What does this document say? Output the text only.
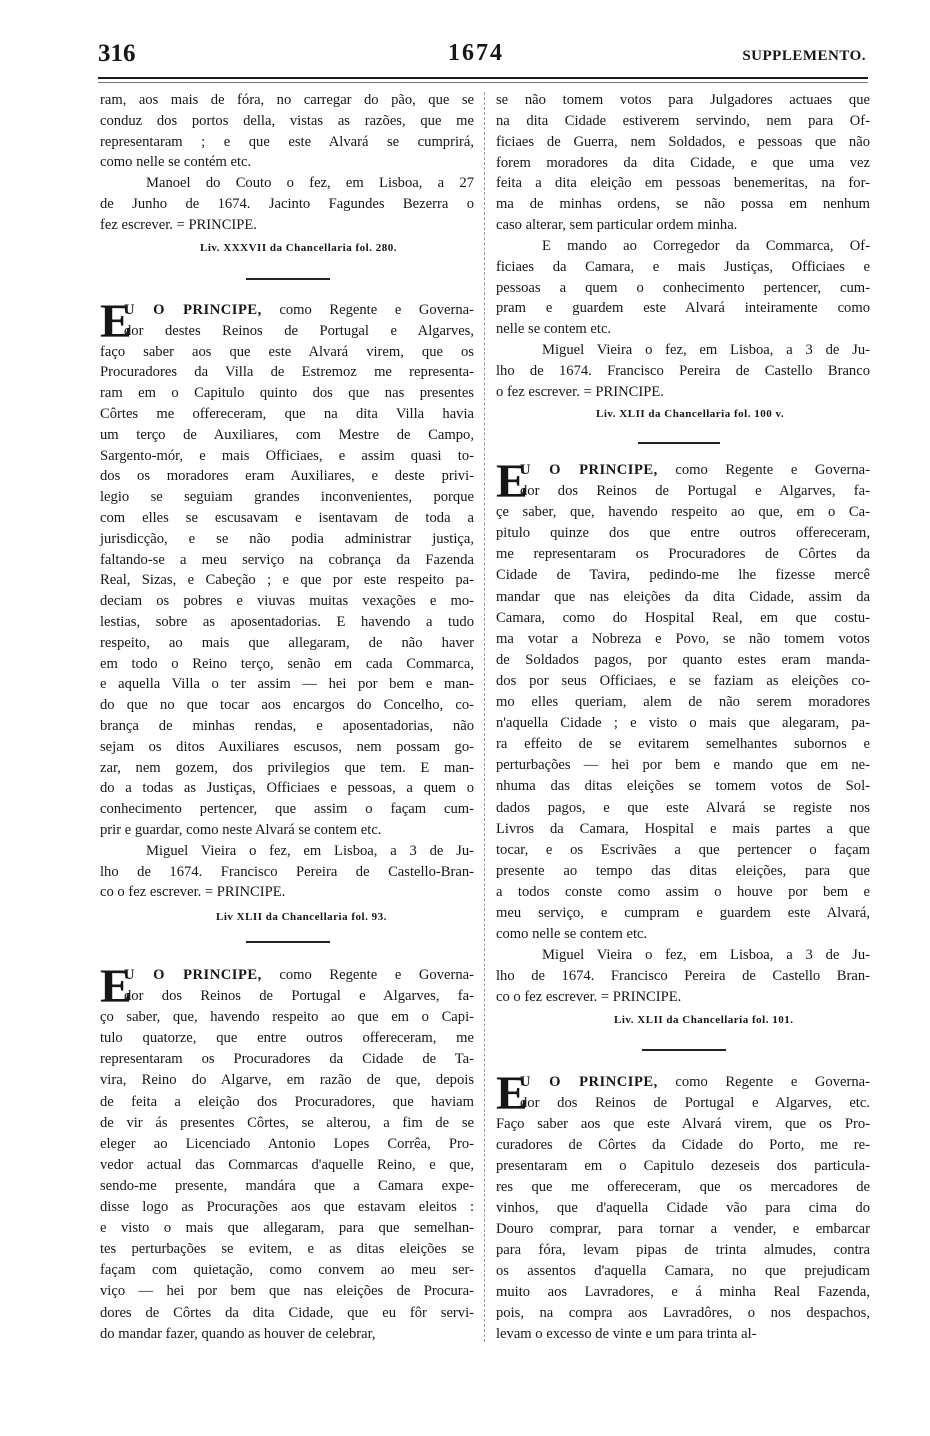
316	1674	SUPPLEMENTO.
ram, aos mais de fóra, no carregar do pão, que se
conduz dos portos della, vistas as razões, que me
representaram ; e que este Alvará se cumprirá,
como nelle se contém etc.
Manoel do Couto o fez, em Lisboa, a 27
de Junho de 1674. Jacinto Fagundes Bezerra o
fez escrever. = PRINCIPE.
Liv. XXXVII da Chancellaria fol. 280.
E
U O PRINCIPE, como Regente e Governa-
dor destes Reinos de Portugal e Algarves,
faço saber aos que este Alvará virem, que os
Procuradores da Villa de Estremoz me representa-
ram em o Capitulo quinto dos que nas presentes
Côrtes me offereceram, que na dita Villa havia
um terço de Auxiliares, com Mestre de Campo,
Sargento-mór, e mais Officiaes, e assim quasi to-
dos os moradores eram Auxiliares, e deste privi-
legio se seguiam grandes inconvenientes, porque
com elles se escusavam e isentavam de toda a
jurisdicção, e se não podia administrar justiça,
faltando-se a meu serviço na cobrança da Fazenda
Real, Sizas, e Cabeção ; e que por este respeito pa-
deciam os pobres e viuvas muitas vexações e mo-
lestias, sobre as aposentadorias. E havendo a tudo
respeito, ao mais que allegaram, de não haver
em todo o Reino terço, senão em cada Commarca,
e aquella Villa o ter assim — hei por bem e man-
do que no que tocar aos encargos do Concelho, co-
brança de minhas rendas, e aposentadorias, não
sejam os ditos Auxiliares escusos, nem possam go-
zar, nem gozem, dos privilegios que tem. E man-
do a todas as Justiças, Officiaes e pessoas, a quem o
conhecimento pertencer, que assim o façam cum-
prir e guardar, como neste Alvará se contem etc.
Miguel Vieira o fez, em Lisboa, a 3 de Ju-
lho de 1674. Francisco Pereira de Castello-Bran-
co o fez escrever. = PRINCIPE.
Liv XLII da Chancellaria fol. 93.
E
U O PRINCIPE, como Regente e Governa-
dor dos Reinos de Portugal e Algarves, fa-
ço saber, que, havendo respeito ao que em o Capi-
tulo quatorze, que entre outros offereceram, me
representaram os Procuradores da Cidade de Ta-
vira, Reino do Algarve, em razão de que, depois
de feita a eleição dos Procuradores, que haviam
de vir ás presentes Côrtes, se alterou, a fim de se
eleger ao Licenciado Antonio Lopes Corrêa, Pro-
vedor actual das Commarcas d'aquelle Reino, e que,
sendo-me presente, mandára que a Camara expe-
disse logo as Procurações aos que estavam eleitos :
e visto o mais que allegaram, para que semelhan-
tes perturbações se evitem, e as ditas eleições se
façam com quietação, como convem ao meu ser-
viço — hei por bem que nas eleições de Procura-
dores de Côrtes da dita Cidade, que eu fôr servi-
do mandar fazer, quando as houver de celebrar,
se não tomem votos para Julgadores actuaes que
na dita Cidade estiverem servindo, nem para Of-
ficiaes de Guerra, nem Soldados, e pessoas que não
forem moradores da dita Cidade, e que uma vez
feita a dita eleição em pessoas benemeritas, na for-
ma de minhas ordens, se não possa em nenhum
caso alterar, sem particular ordem minha.
E mando ao Corregedor da Commarca, Of-
ficiaes da Camara, e mais Justiças, Officiaes e
pessoas a quem o conhecimento pertencer, cum-
pram e guardem este Alvará inteiramente como
nelle se contem etc.
Miguel Vieira o fez, em Lisboa, a 3 de Ju-
lho de 1674. Francisco Pereira de Castello Branco
o fez escrever. = PRINCIPE.
Liv. XLII da Chancellaria fol. 100 v.
E
U O PRINCIPE, como Regente e Governa-
dor dos Reinos de Portugal e Algarves, fa-
çe saber, que, havendo respeito ao que, em o Ca-
pitulo quinze dos que entre outros offereceram,
me representaram os Procuradores de Côrtes da
Cidade de Tavira, pedindo-me lhe fizesse mercê
mandar que nas eleições da dita Cidade, assim da
Camara, como do Hospital Real, em que costu-
ma votar a Nobreza e Povo, se não tomem votos
de Soldados pagos, por quanto estes eram manda-
dos por seus Officiaes, e se faziam as eleições co-
mo elles queriam, alem de não serem moradores
n'aquella Cidade ; e visto o mais que alegaram, pa-
ra effeito de se evitarem semelhantes subornos e
perturbações — hei por bem e mando que em ne-
nhuma das ditas eleições se tomem votos de Sol-
dados pagos, e que este Alvará se registe nos
Livros da Camara, Hospital e mais partes a que
tocar, e os Escrivães a que pertencer o façam
presente ao tempo das ditas eleições, para que
a todos conste como assim o houve por bem e
meu serviço, e cumpram e guardem este Alvará,
como nelle se contem etc.
Miguel Vieira o fez, em Lisboa, a 3 de Ju-
lho de 1674. Francisco Pereira de Castello Bran-
co o fez escrever. = PRINCIPE.
Liv. XLII da Chancellaria fol. 101.
E
U O PRINCIPE, como Regente e Governa-
dor dos Reinos de Portugal e Algarves, etc.
Faço saber aos que este Alvará virem, que os Pro-
curadores de Côrtes da Cidade do Porto, me re-
presentaram em o Capitulo dezeseis dos particula-
res que me offereceram, que os mercadores de
vinhos, que d'aquella Cidade vão para cima do
Douro comprar, para tornar a vender, e embarcar
para fóra, levam pipas de trinta almudes, contra
os assentos d'aquella Camara, no que prejudicam
muito aos Lavradores, e á minha Real Fazenda,
pois, na compra aos Lavradôres, o nos despachos,
levam o excesso de vinte e um para trinta al-
